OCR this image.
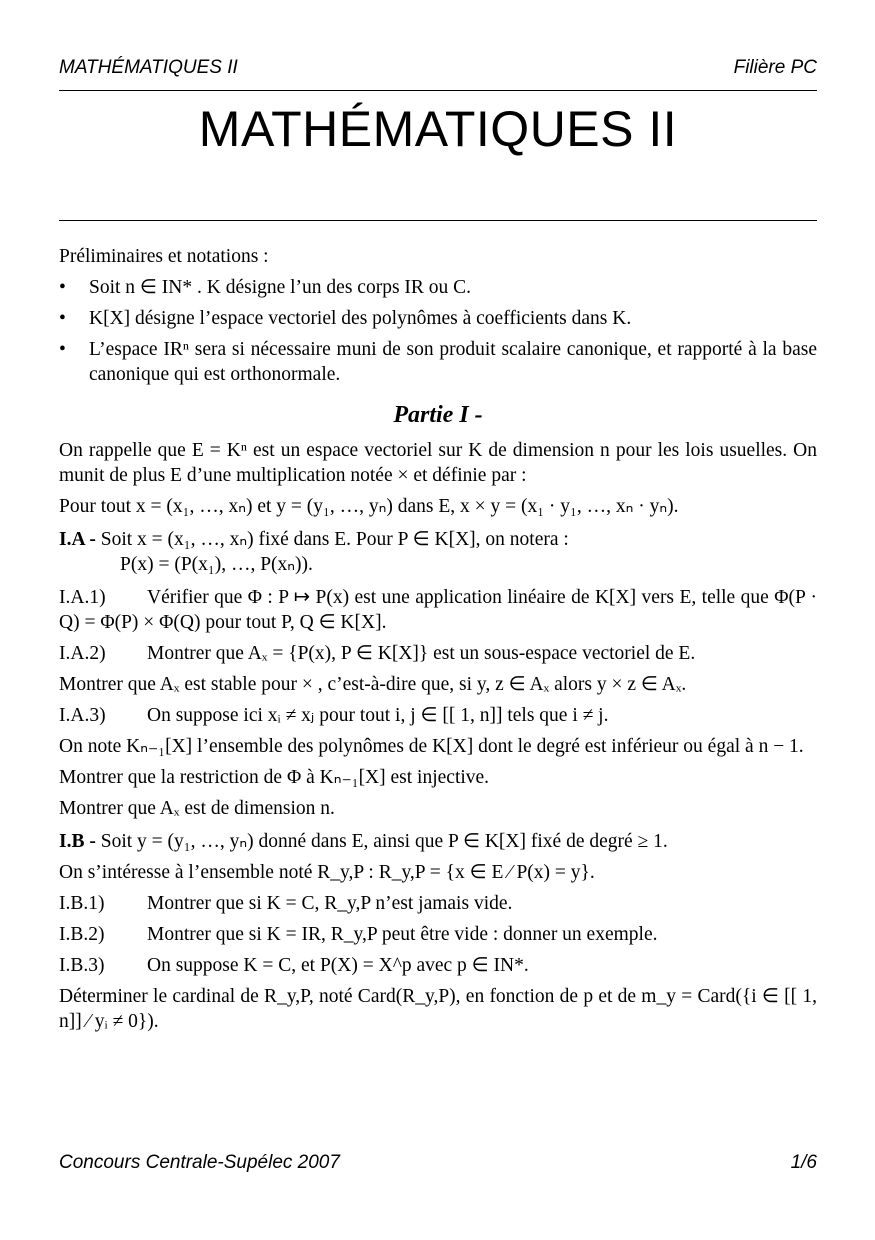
MATHÉMATIQUES II	Filière PC
MATHÉMATIQUES II

Préliminaires et notations :

• Soit n ∈ IN* . K désigne l’un des corps IR ou C.
• K[X] désigne l’espace vectoriel des polynômes à coefficients dans K.
• L’espace IRⁿ sera si nécessaire muni de son produit scalaire canonique, et rapporté à la base canonique qui est orthonormale.

Partie I -

On rappelle que E = Kⁿ est un espace vectoriel sur K de dimension n pour les lois usuelles. On munit de plus E d’une multiplication notée × et définie par :

Pour tout x = (x₁, …, xₙ) et y = (y₁, …, yₙ) dans E, x × y = (x₁ · y₁, …, xₙ · yₙ).

I.A - Soit x = (x₁, …, xₙ) fixé dans E. Pour P ∈ K[X], on notera :

P(x) = (P(x₁), …, P(xₙ)).

I.A.1) Vérifier que Φ : P ↦ P(x) est une application linéaire de K[X] vers E, telle que Φ(P · Q) = Φ(P) × Φ(Q) pour tout P, Q ∈ K[X].

I.A.2) Montrer que Aₓ = {P(x), P ∈ K[X]} est un sous-espace vectoriel de E.

Montrer que Aₓ est stable pour × , c’est-à-dire que, si y, z ∈ Aₓ alors y × z ∈ Aₓ.

I.A.3) On suppose ici xᵢ ≠ xⱼ pour tout i, j ∈ [[ 1, n]] tels que i ≠ j.

On note Kₙ₋₁[X] l’ensemble des polynômes de K[X] dont le degré est inférieur ou égal à n − 1.

Montrer que la restriction de Φ à Kₙ₋₁[X] est injective.

Montrer que Aₓ est de dimension n.

I.B - Soit y = (y₁, …, yₙ) donné dans E, ainsi que P ∈ K[X] fixé de degré ≥ 1.

On s’intéresse à l’ensemble noté R_y,P : R_y,P = {x ∈ E ⁄ P(x) = y}.

I.B.1) Montrer que si K = C, R_y,P n’est jamais vide.

I.B.2) Montrer que si K = IR, R_y,P peut être vide : donner un exemple.

I.B.3) On suppose K = C, et P(X) = X^p avec p ∈ IN*.

Déterminer le cardinal de R_y,P, noté Card(R_y,P), en fonction de p et de m_y = Card({i ∈ [[ 1, n]] ⁄ yᵢ ≠ 0}).

Concours Centrale-Supélec 2007	1/6
